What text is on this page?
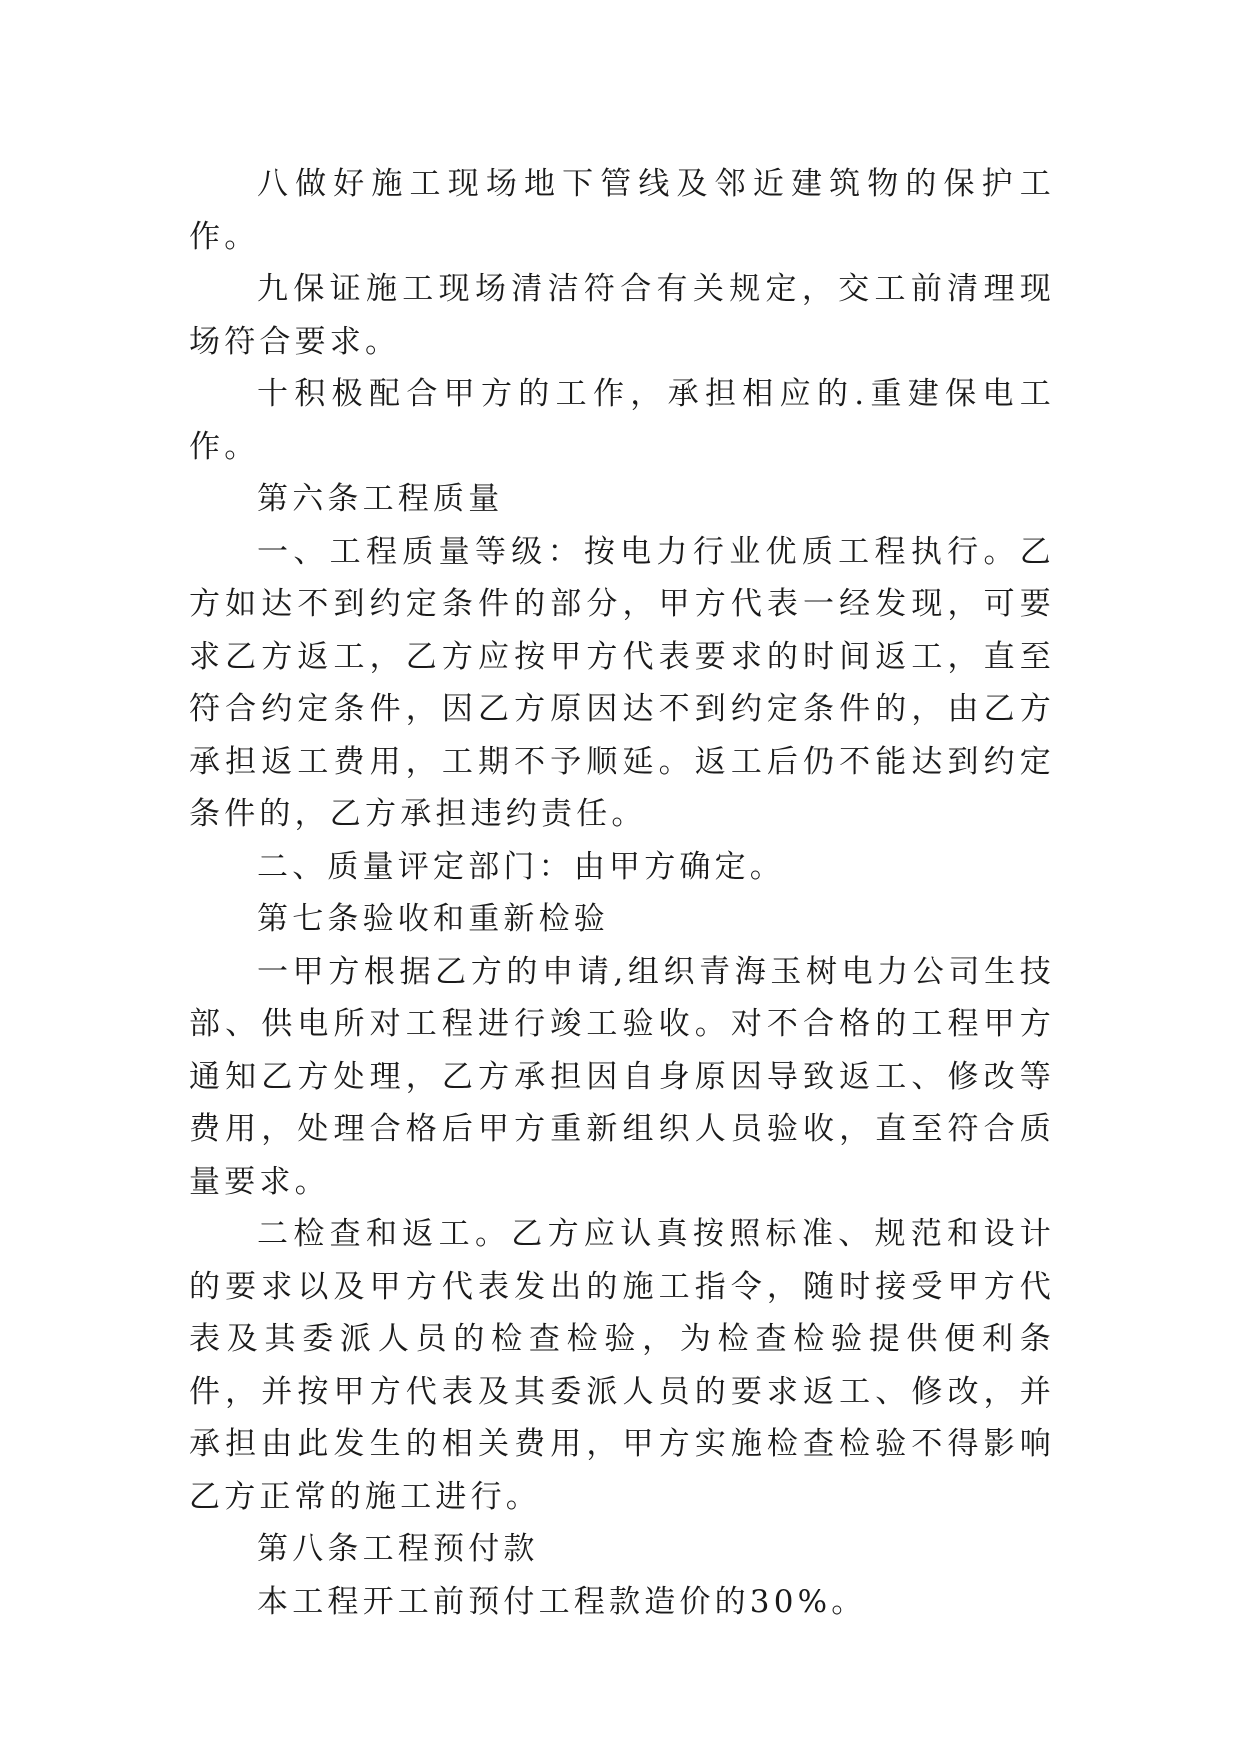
八做好施工现场地下管线及邻近建筑物的保护工作。

九保证施工现场清洁符合有关规定，交工前清理现场符合要求。

十积极配合甲方的工作，承担相应的.重建保电工作。

第六条工程质量

一、工程质量等级：按电力行业优质工程执行。乙方如达不到约定条件的部分，甲方代表一经发现，可要求乙方返工，乙方应按甲方代表要求的时间返工，直至符合约定条件，因乙方原因达不到约定条件的，由乙方承担返工费用，工期不予顺延。返工后仍不能达到约定条件的，乙方承担违约责任。

二、质量评定部门：由甲方确定。

第七条验收和重新检验

一甲方根据乙方的申请,组织青海玉树电力公司生技部、供电所对工程进行竣工验收。对不合格的工程甲方通知乙方处理，乙方承担因自身原因导致返工、修改等费用，处理合格后甲方重新组织人员验收，直至符合质量要求。

二检查和返工。乙方应认真按照标准、规范和设计的要求以及甲方代表发出的施工指令，随时接受甲方代表及其委派人员的检查检验，为检查检验提供便利条件，并按甲方代表及其委派人员的要求返工、修改，并承担由此发生的相关费用，甲方实施检查检验不得影响乙方正常的施工进行。

第八条工程预付款

本工程开工前预付工程款造价的30%。
